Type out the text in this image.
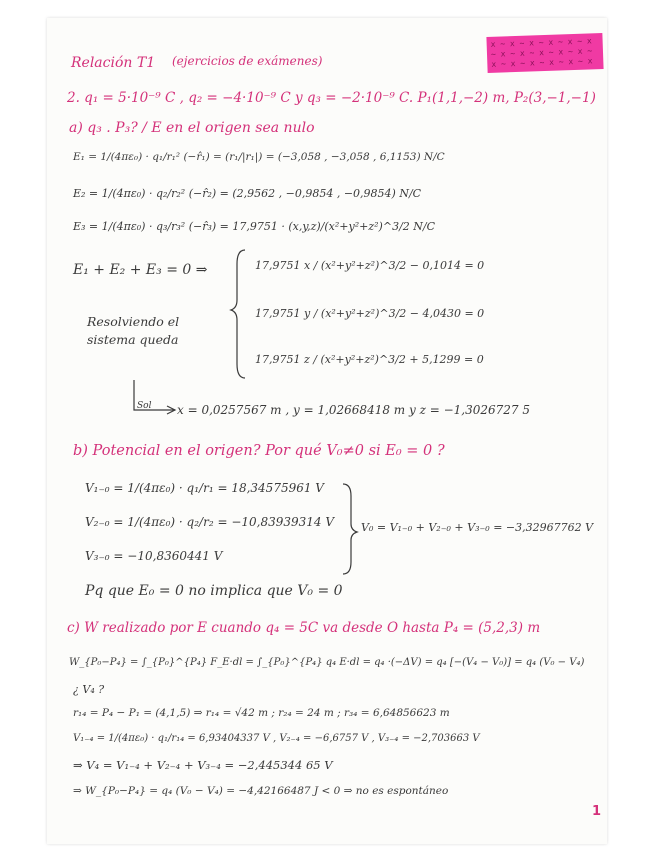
x ~ x ~ x ~ x ~ x ~ x
~ x ~ x ~ x ~ x ~ x ~
x ~ x ~ x ~ x ~ x ~ x
Relación T1 (ejercicios de exámenes)
2. q₁ = 5·10⁻⁹ C , q₂ = −4·10⁻⁹ C y q₃ = −2·10⁻⁹ C. P₁(1,1,−2) m, P₂(3,−1,−1)
a) q₃ . P₃? / E en el origen sea nulo
E₁ = 1/(4πε₀) · q₁/r₁² (−r̂₁) = (r₁/|r₁|) = (−3,058 , −3,058 , 6,1153) N/C
E₂ = 1/(4πε₀) · q₂/r₂² (−r̂₂) = (2,9562 , −0,9854 , −0,9854) N/C
E₃ = 1/(4πε₀) · q₃/r₃² (−r̂₃) = 17,9751 · (x,y,z)/(x²+y²+z²)^3/2 N/C
E₁ + E₂ + E₃ = 0 ⇒	17,9751 x / (x²+y²+z²)^3/2 − 0,1014 = 0
17,9751 y / (x²+y²+z²)^3/2 − 4,0430 = 0
17,9751 z / (x²+y²+z²)^3/2 + 5,1299 = 0
Resolviendo el
sistema queda
Sol x = 0,0257567 m , y = 1,02668418 m y z = −1,3026727 5
b) Potencial en el origen? Por qué V₀≠0 si E₀ = 0 ?
V₁₋₀ = 1/(4πε₀) · q₁/r₁ = 18,34575961 V
V₂₋₀ = 1/(4πε₀) · q₂/r₂ = −10,83939314 V
V₃₋₀ = −10,8360441 V
V₀ = V₁₋₀ + V₂₋₀ + V₃₋₀ = −3,32967762 V
Pq que E₀ = 0 no implica que V₀ = 0
c) W realizado por E cuando q₄ = 5C va desde O hasta P₄ = (5,2,3) m
W_{P₀−P₄} = ∫_{P₀}^{P₄} F_E·dl = ∫_{P₀}^{P₄} q₄ E·dl = q₄ ·(−ΔV) = q₄ [−(V₄ − V₀)] = q₄ (V₀ − V₄)
¿ V₄ ?
r₁₄ = P₄ − P₁ = (4,1,5) ⇒ r₁₄ = √42 m ; r₂₄ = 24 m ; r₃₄ = 6,64856623 m
V₁₋₄ = 1/(4πε₀) · q₁/r₁₄ = 6,93404337 V , V₂₋₄ = −6,6757 V , V₃₋₄ = −2,703663 V
⇒ V₄ = V₁₋₄ + V₂₋₄ + V₃₋₄ = −2,445344 65 V
⇒ W_{P₀−P₄} = q₄ (V₀ − V₄) = −4,42166487 J < 0 ⇒ no es espontáneo
1
